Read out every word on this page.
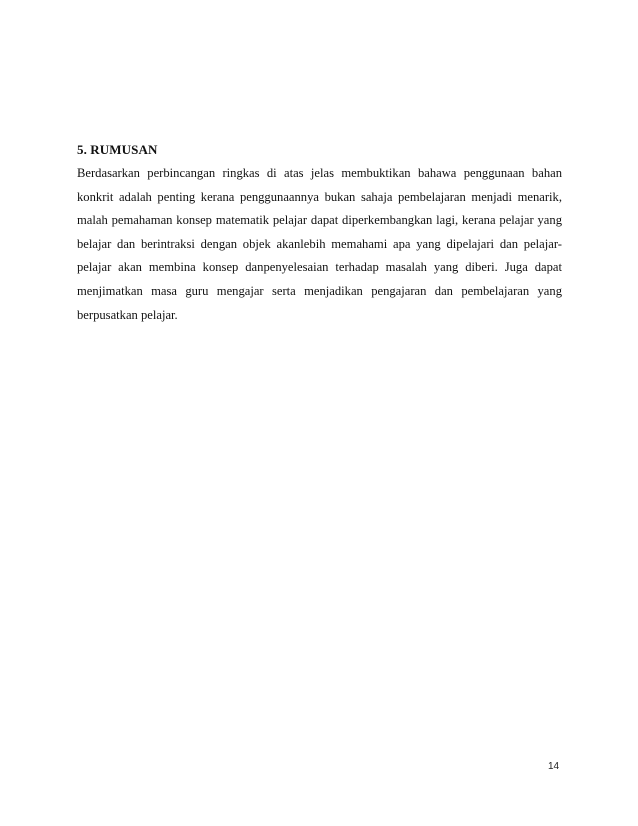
5. RUMUSAN

Berdasarkan perbincangan ringkas di atas jelas membuktikan bahawa penggunaan bahan konkrit adalah penting kerana penggunaannya bukan sahaja pembelajaran menjadi menarik, malah pemahaman konsep matematik pelajar dapat diperkembangkan lagi, kerana pelajar yang belajar dan berintraksi dengan objek akanlebih memahami apa yang dipelajari dan pelajar-pelajar akan membina konsep danpenyelesaian terhadap masalah yang diberi. Juga dapat menjimatkan masa guru mengajar serta menjadikan pengajaran dan pembelajaran yang berpusatkan pelajar.

14
